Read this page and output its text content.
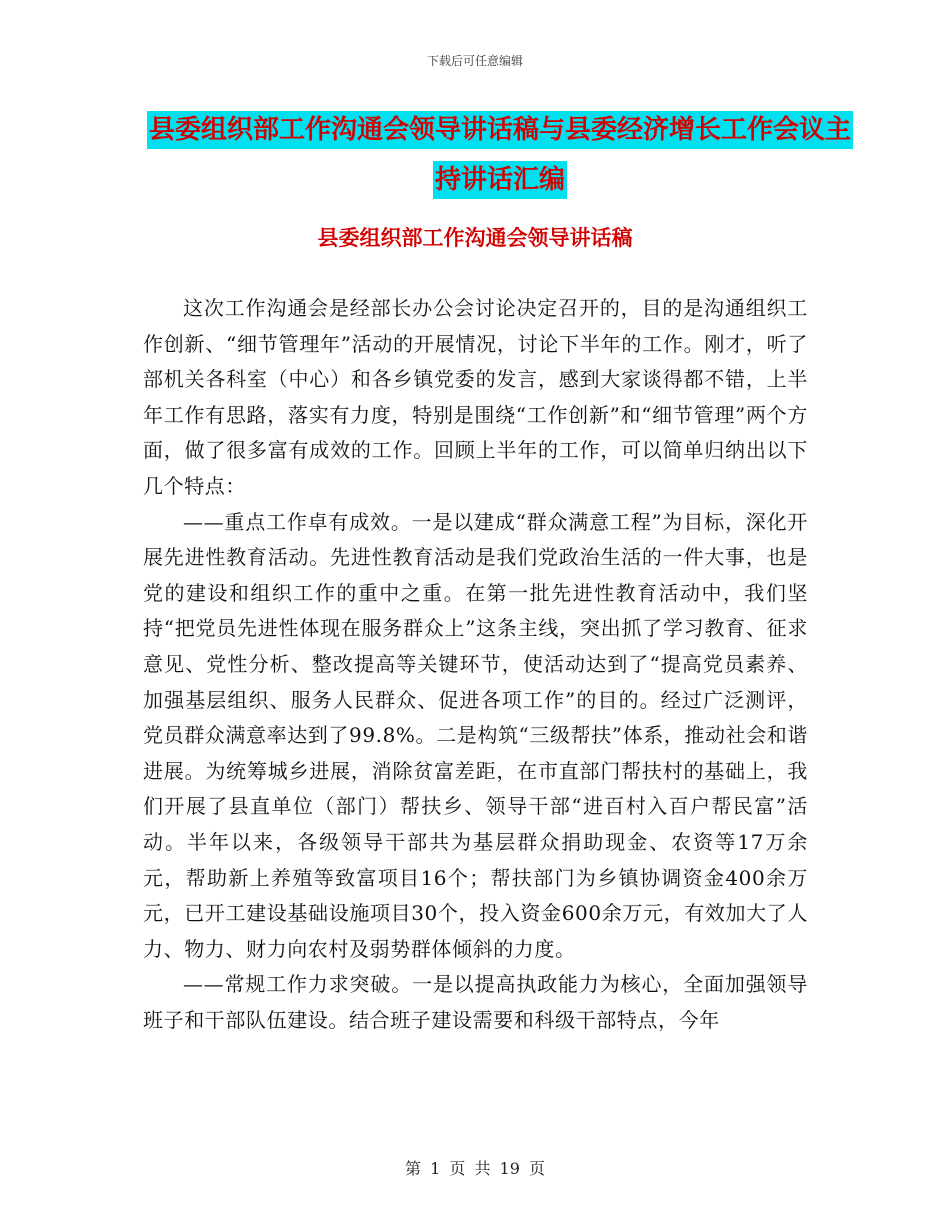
下载后可任意编辑
县委组织部工作沟通会领导讲话稿与县委经济增长工作会议主持讲话汇编
县委组织部工作沟通会领导讲话稿

这次工作沟通会是经部长办公会讨论决定召开的，目的是沟通组织工作创新、“细节管理年”活动的开展情况，讨论下半年的工作。刚才，听了部机关各科室（中心）和各乡镇党委的发言，感到大家谈得都不错，上半年工作有思路，落实有力度，特别是围绕“工作创新”和“细节管理”两个方面，做了很多富有成效的工作。回顾上半年的工作，可以简单归纳出以下几个特点：

——重点工作卓有成效。一是以建成“群众满意工程”为目标，深化开展先进性教育活动。先进性教育活动是我们党政治生活的一件大事，也是党的建设和组织工作的重中之重。在第一批先进性教育活动中，我们坚持“把党员先进性体现在服务群众上”这条主线，突出抓了学习教育、征求意见、党性分析、整改提高等关键环节，使活动达到了“提高党员素养、加强基层组织、服务人民群众、促进各项工作”的目的。经过广泛测评，党员群众满意率达到了99.8%。二是构筑“三级帮扶”体系，推动社会和谐进展。为统筹城乡进展，消除贫富差距，在市直部门帮扶村的基础上，我们开展了县直单位（部门）帮扶乡、领导干部“进百村入百户帮民富”活动。半年以来，各级领导干部共为基层群众捐助现金、农资等17万余元，帮助新上养殖等致富项目16个；帮扶部门为乡镇协调资金400余万元，已开工建设基础设施项目30个，投入资金600余万元，有效加大了人力、物力、财力向农村及弱势群体倾斜的力度。

——常规工作力求突破。一是以提高执政能力为核心，全面加强领导班子和干部队伍建设。结合班子建设需要和科级干部特点，今年

第 1 页 共 19 页
